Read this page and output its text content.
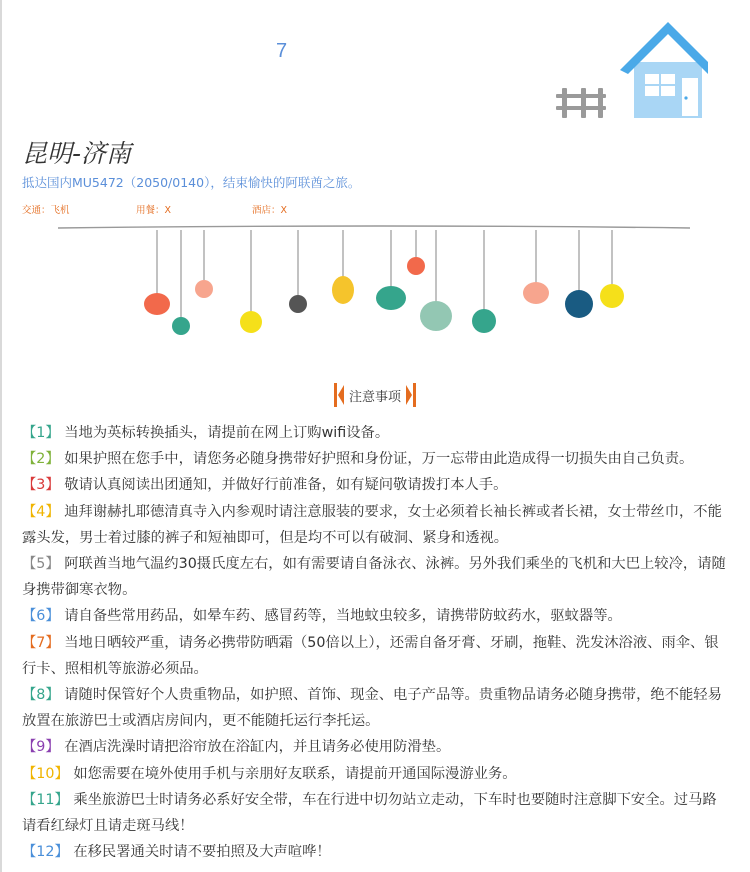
7
昆明-济南
抵达国内MU5472（2050/0140），结束愉快的阿联酋之旅。
交通：飞机	用餐：X	酒店：X
注意事项

【1】 当地为英标转换插头，请提前在网上订购wifi设备。

【2】 如果护照在您手中，请您务必随身携带好护照和身份证，万一忘带由此造成得一切损失由自己负责。

【3】 敬请认真阅读出团通知，并做好行前准备，如有疑问敬请拨打本人手。

【4】 迪拜谢赫扎耶德清真寺入内参观时请注意服装的要求，女士必须着长袖长裤或者长裙，女士带丝巾，不能露头发，男士着过膝的裤子和短袖即可，但是均不可以有破洞、紧身和透视。

【5】 阿联酋当地气温约30摄氏度左右，如有需要请自备泳衣、泳裤。另外我们乘坐的飞机和大巴上较冷，请随身携带御寒衣物。

【6】 请自备些常用药品，如晕车药、感冒药等，当地蚊虫较多，请携带防蚊药水，驱蚊器等。

【7】 当地日晒较严重，请务必携带防晒霜（50倍以上），还需自备牙膏、牙刷，拖鞋、洗发沐浴液、雨伞、银行卡、照相机等旅游必须品。

【8】 请随时保管好个人贵重物品，如护照、首饰、现金、电子产品等。贵重物品请务必随身携带，绝不能轻易放置在旅游巴士或酒店房间内，更不能随托运行李托运。

【9】 在酒店洗澡时请把浴帘放在浴缸内，并且请务必使用防滑垫。

【10】 如您需要在境外使用手机与亲朋好友联系，请提前开通国际漫游业务。

【11】 乘坐旅游巴士时请务必系好安全带，车在行进中切勿站立走动，下车时也要随时注意脚下安全。过马路请看红绿灯且请走斑马线！

【12】 在移民署通关时请不要拍照及大声喧哗！
